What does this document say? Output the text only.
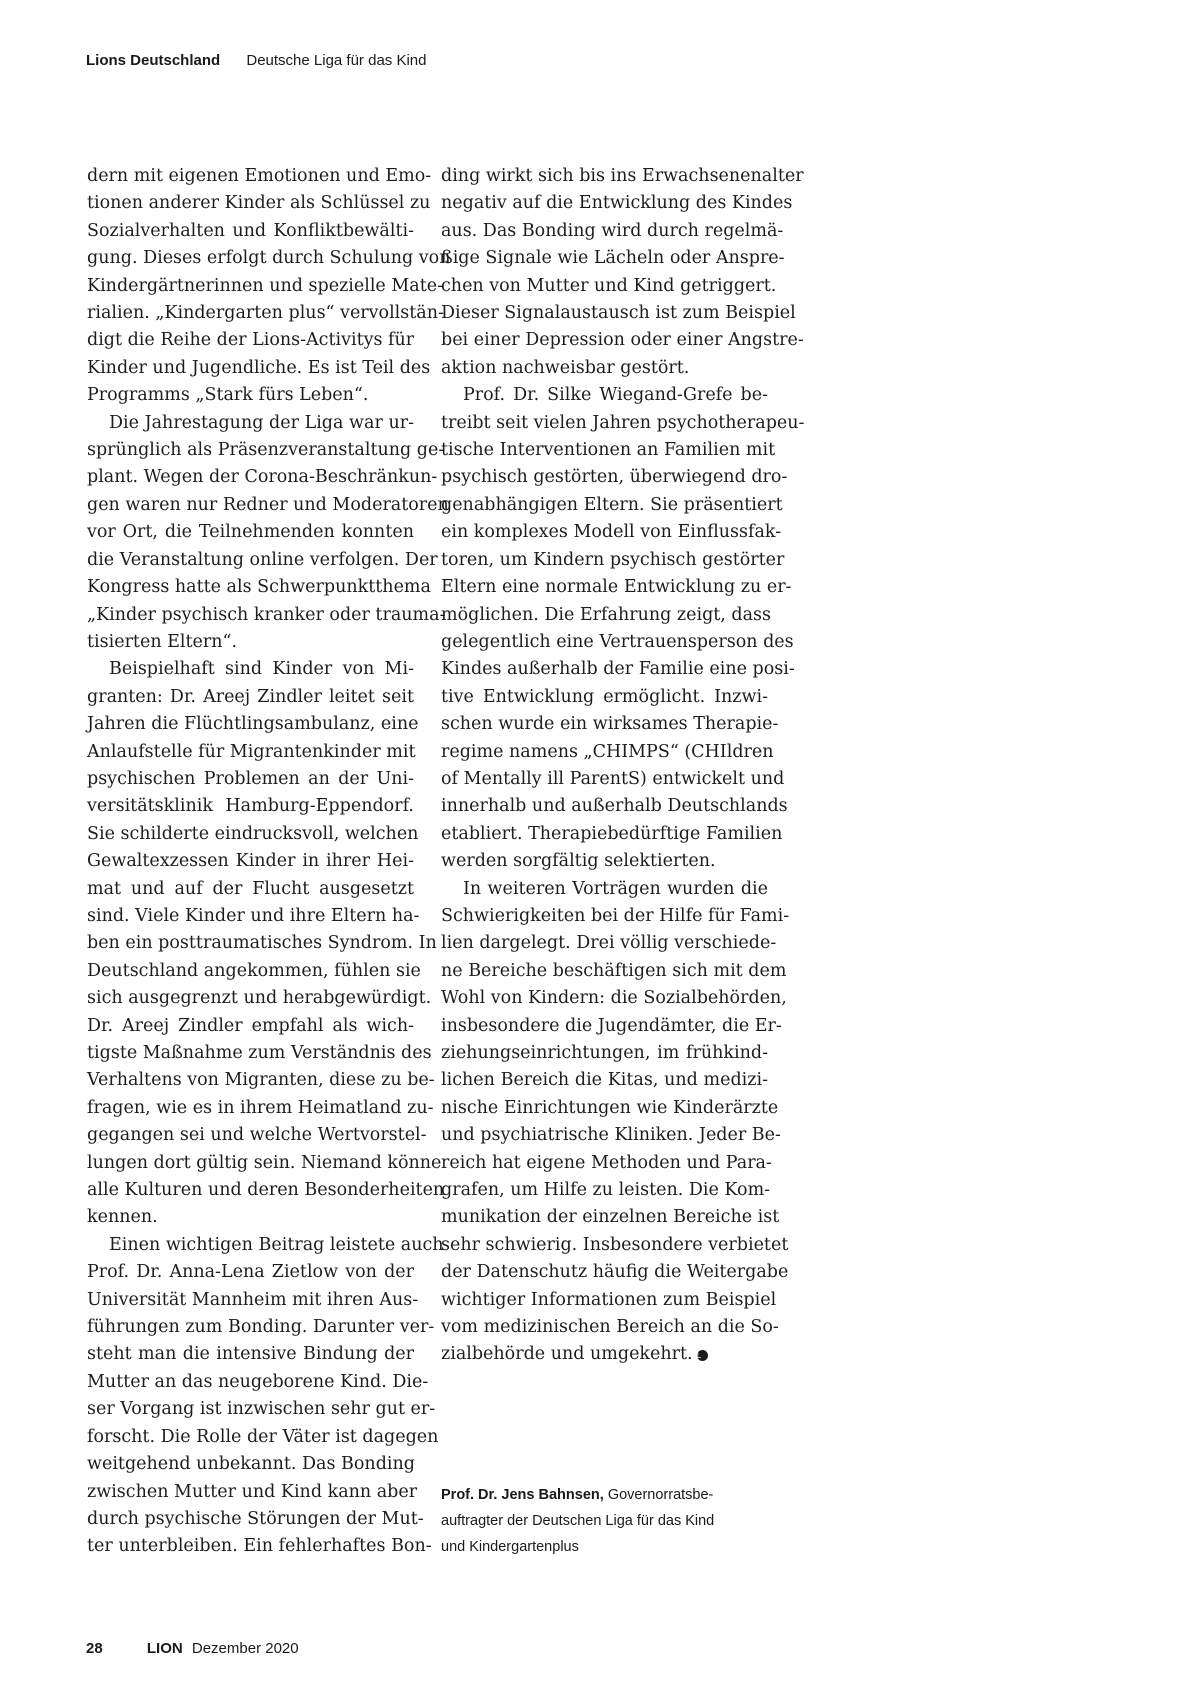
Lions Deutschland Deutsche Liga für das Kind
dern mit eigenen Emotionen und Emo-
tionen anderer Kinder als Schlüssel zu
Sozialverhalten und Konfliktbewälti-
gung. Dieses erfolgt durch Schulung von
Kindergärtnerinnen und spezielle Mate-
rialien. „Kindergarten plus“ vervollstän-
digt die Reihe der Lions-Activitys für
Kinder und Jugendliche. Es ist Teil des
Programms „Stark fürs Leben“.
Die Jahrestagung der Liga war ur-
sprünglich als Präsenzveranstaltung ge-
plant. Wegen der Corona-Beschränkun-
gen waren nur Redner und Moderatoren
vor Ort, die Teilnehmenden konnten
die Veranstaltung online verfolgen. Der
Kongress hatte als Schwerpunktthema
„Kinder psychisch kranker oder trauma-
tisierten Eltern“.
Beispielhaft sind Kinder von Mi-
granten: Dr. Areej Zindler leitet seit
Jahren die Flüchtlingsambulanz, eine
Anlaufstelle für Migrantenkinder mit
psychischen Problemen an der Uni-
versitätsklinik Hamburg-Eppendorf.
Sie schilderte eindrucksvoll, welchen
Gewaltexzessen Kinder in ihrer Hei-
mat und auf der Flucht ausgesetzt
sind. Viele Kinder und ihre Eltern ha-
ben ein posttraumatisches Syndrom. In
Deutschland angekommen, fühlen sie
sich ausgegrenzt und herabgewürdigt.
Dr. Areej Zindler empfahl als wich-
tigste Maßnahme zum Verständnis des
Verhaltens von Migranten, diese zu be-
fragen, wie es in ihrem Heimatland zu-
gegangen sei und welche Wertvorstel-
lungen dort gültig sein. Niemand könne
alle Kulturen und deren Besonderheiten
kennen.
Einen wichtigen Beitrag leistete auch
Prof. Dr. Anna-Lena Zietlow von der
Universität Mannheim mit ihren Aus-
führungen zum Bonding. Darunter ver-
steht man die intensive Bindung der
Mutter an das neugeborene Kind. Die-
ser Vorgang ist inzwischen sehr gut er-
forscht. Die Rolle der Väter ist dagegen
weitgehend unbekannt. Das Bonding
zwischen Mutter und Kind kann aber
durch psychische Störungen der Mut-
ter unterbleiben. Ein fehlerhaftes Bon-
ding wirkt sich bis ins Erwachsenenalter
negativ auf die Entwicklung des Kindes
aus. Das Bonding wird durch regelmä-
ßige Signale wie Lächeln oder Anspre-
chen von Mutter und Kind getriggert.
Dieser Signalaustausch ist zum Beispiel
bei einer Depression oder einer Angstre-
aktion nachweisbar gestört.
Prof. Dr. Silke Wiegand-Grefe be-
treibt seit vielen Jahren psychotherapeu-
tische Interventionen an Familien mit
psychisch gestörten, überwiegend dro-
genabhängigen Eltern. Sie präsentiert
ein komplexes Modell von Einflussfak-
toren, um Kindern psychisch gestörter
Eltern eine normale Entwicklung zu er-
möglichen. Die Erfahrung zeigt, dass
gelegentlich eine Vertrauensperson des
Kindes außerhalb der Familie eine posi-
tive Entwicklung ermöglicht. Inzwi-
schen wurde ein wirksames Therapie-
regime namens „CHIMPS“ (CHIldren
of Mentally ill ParentS) entwickelt und
innerhalb und außerhalb Deutschlands
etabliert. Therapiebedürftige Familien
werden sorgfältig selektierten.
In weiteren Vorträgen wurden die
Schwierigkeiten bei der Hilfe für Fami-
lien dargelegt. Drei völlig verschiede-
ne Bereiche beschäftigen sich mit dem
Wohl von Kindern: die Sozialbehörden,
insbesondere die Jugendämter, die Er-
ziehungseinrichtungen, im frühkind-
lichen Bereich die Kitas, und medizi-
nische Einrichtungen wie Kinderärzte
und psychiatrische Kliniken. Jeder Be-
reich hat eigene Methoden und Para-
grafen, um Hilfe zu leisten. Die Kom-
munikation der einzelnen Bereiche ist
sehr schwierig. Insbesondere verbietet
der Datenschutz häufig die Weitergabe
wichtiger Informationen zum Beispiel
vom medizinischen Bereich an die So-
zialbehörde und umgekehrt. L
Prof. Dr. Jens Bahnsen, Governorratsbe-
auftragter der Deutschen Liga für das Kind
und Kindergartenplus
28	LION Dezember 2020
